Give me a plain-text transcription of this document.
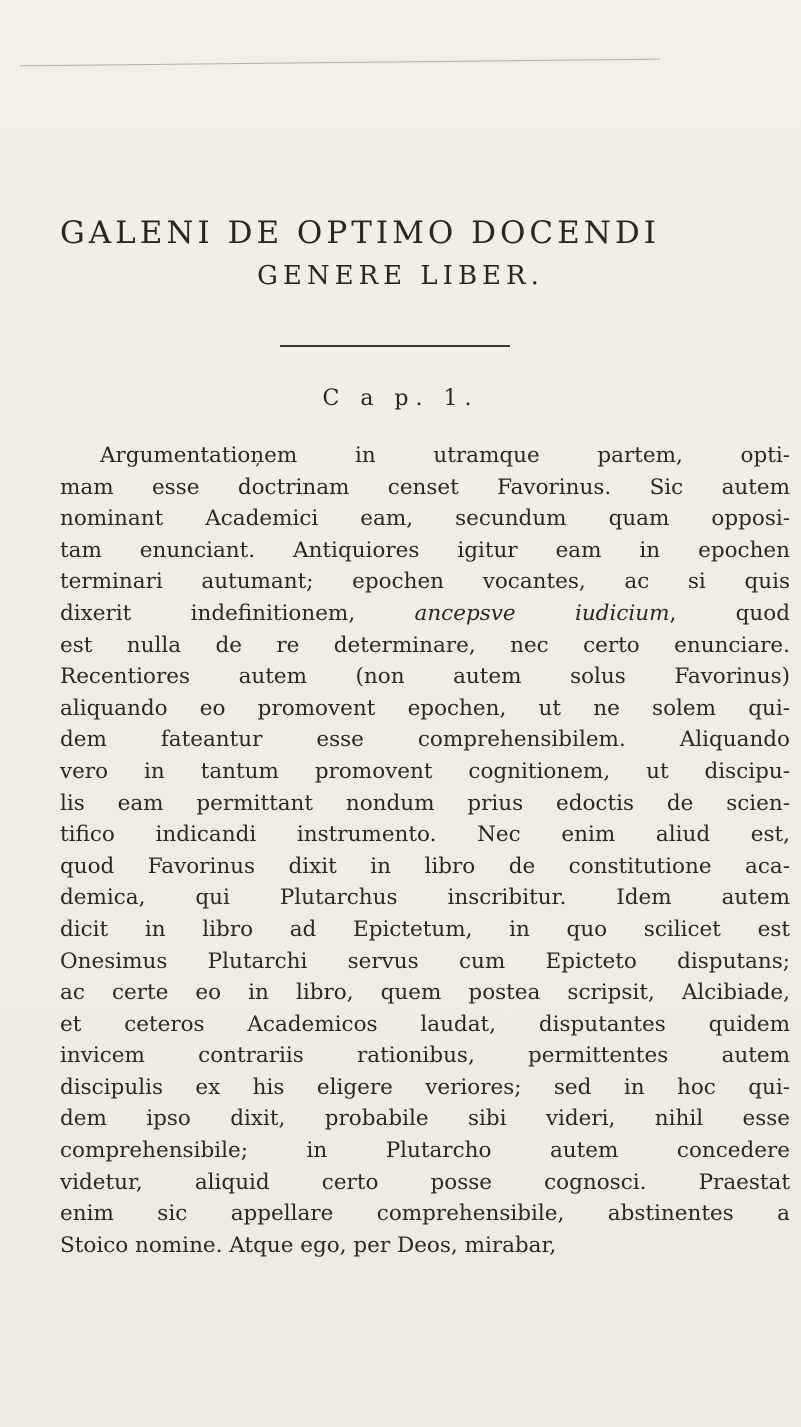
GALENI DE OPTIMO DOCENDI
GENERE LIBER.
C a p. 1.
Argumentatioņem in utramque partem, opti-
mam esse doctrinam censet Favorinus. Sic autem
nominant Academici eam, secundum quam opposi-
tam enunciant. Antiquiores igitur eam in epochen
terminari autumant; epochen vocantes, ac si quis
dixerit indefinitionem,	ancepsve iudicium, quod
est nulla de re determinare, nec certo enunciare.
Recentiores autem (non autem solus Favorinus)
aliquando eo promovent epochen, ut ne solem qui-
dem fateantur esse comprehensibilem. Aliquando
vero in tantum promovent cognitionem, ut discipu-
lis eam permittant nondum prius edoctis de scien-
tifico indicandi instrumento. Nec enim aliud est,
quod Favorinus dixit in libro de constitutione aca-
demica, qui Plutarchus inscribitur. Idem autem
dicit in libro ad Epictetum, in quo scilicet est
Onesimus Plutarchi servus cum Epicteto disputans;
ac certe eo in libro, quem postea scripsit, Alcibiade,
et ceteros Academicos laudat, disputantes quidem
invicem contrariis rationibus, permittentes autem
discipulis ex his eligere veriores; sed in hoc qui-
dem ipso dixit, probabile sibi videri, nihil esse
comprehensibile; in Plutarcho autem concedere
videtur, aliquid certo posse cognosci. Praestat
enim sic appellare comprehensibile, abstinentes a
Stoico nomine. Atque ego, per Deos, mirabar,
